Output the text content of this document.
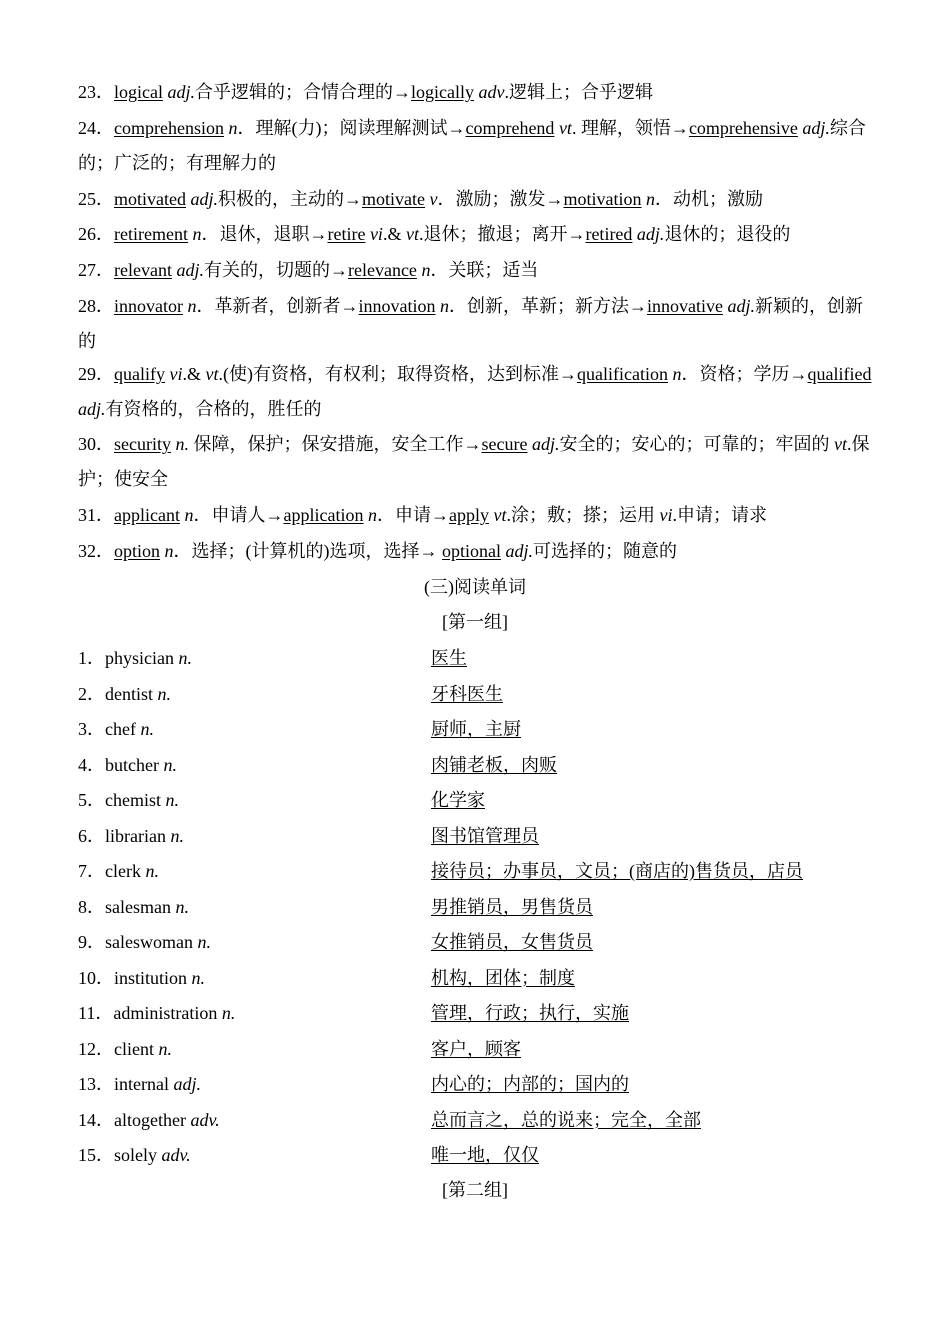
23．logical adj.合乎逻辑的；合情合理的→logically adv.逻辑上；合乎逻辑
24．comprehension n．理解(力)；阅读理解测试→comprehend vt. 理解，领悟→comprehensive adj.综合的；广泛的；有理解力的
25．motivated adj.积极的，主动的→motivate v．激励；激发→motivation n．动机；激励
26．retirement n．退休，退职→retire vi.& vt.退休；撤退；离开→retired adj.退休的；退役的
27．relevant adj.有关的，切题的→relevance n．关联；适当
28．innovator n．革新者，创新者→innovation n．创新，革新；新方法→innovative adj.新颖的，创新的
29．qualify vi.& vt.(使)有资格，有权利；取得资格，达到标准→qualification n．资格；学历→qualified adj.有资格的，合格的，胜任的
30．security n. 保障，保护；保安措施，安全工作→secure adj.安全的；安心的；可靠的；牢固的 vt.保护；使安全
31．applicant n．申请人→application n．申请→apply vt.涂；敷；搽；运用 vi.申请；请求
32．option n．选择；(计算机的)选项，选择→ optional adj.可选择的；随意的
(三)阅读单词
[第一组]
1．physician n.	医生
2．dentist n.	牙科医生
3．chef n.	厨师，主厨
4．butcher n.	肉铺老板，肉贩
5．chemist n.	化学家
6．librarian n.	图书馆管理员
7．clerk n.	接待员；办事员，文员；(商店的)售货员，店员
8．salesman n.	男推销员，男售货员
9．saleswoman n.	女推销员，女售货员
10．institution n.	机构，团体；制度
11．administration n.	管理，行政；执行，实施
12．client n.	客户，顾客
13．internal adj.	内心的；内部的；国内的
14．altogether adv.	总而言之，总的说来；完全，全部
15．solely adv.	唯一地，仅仅
[第二组]
